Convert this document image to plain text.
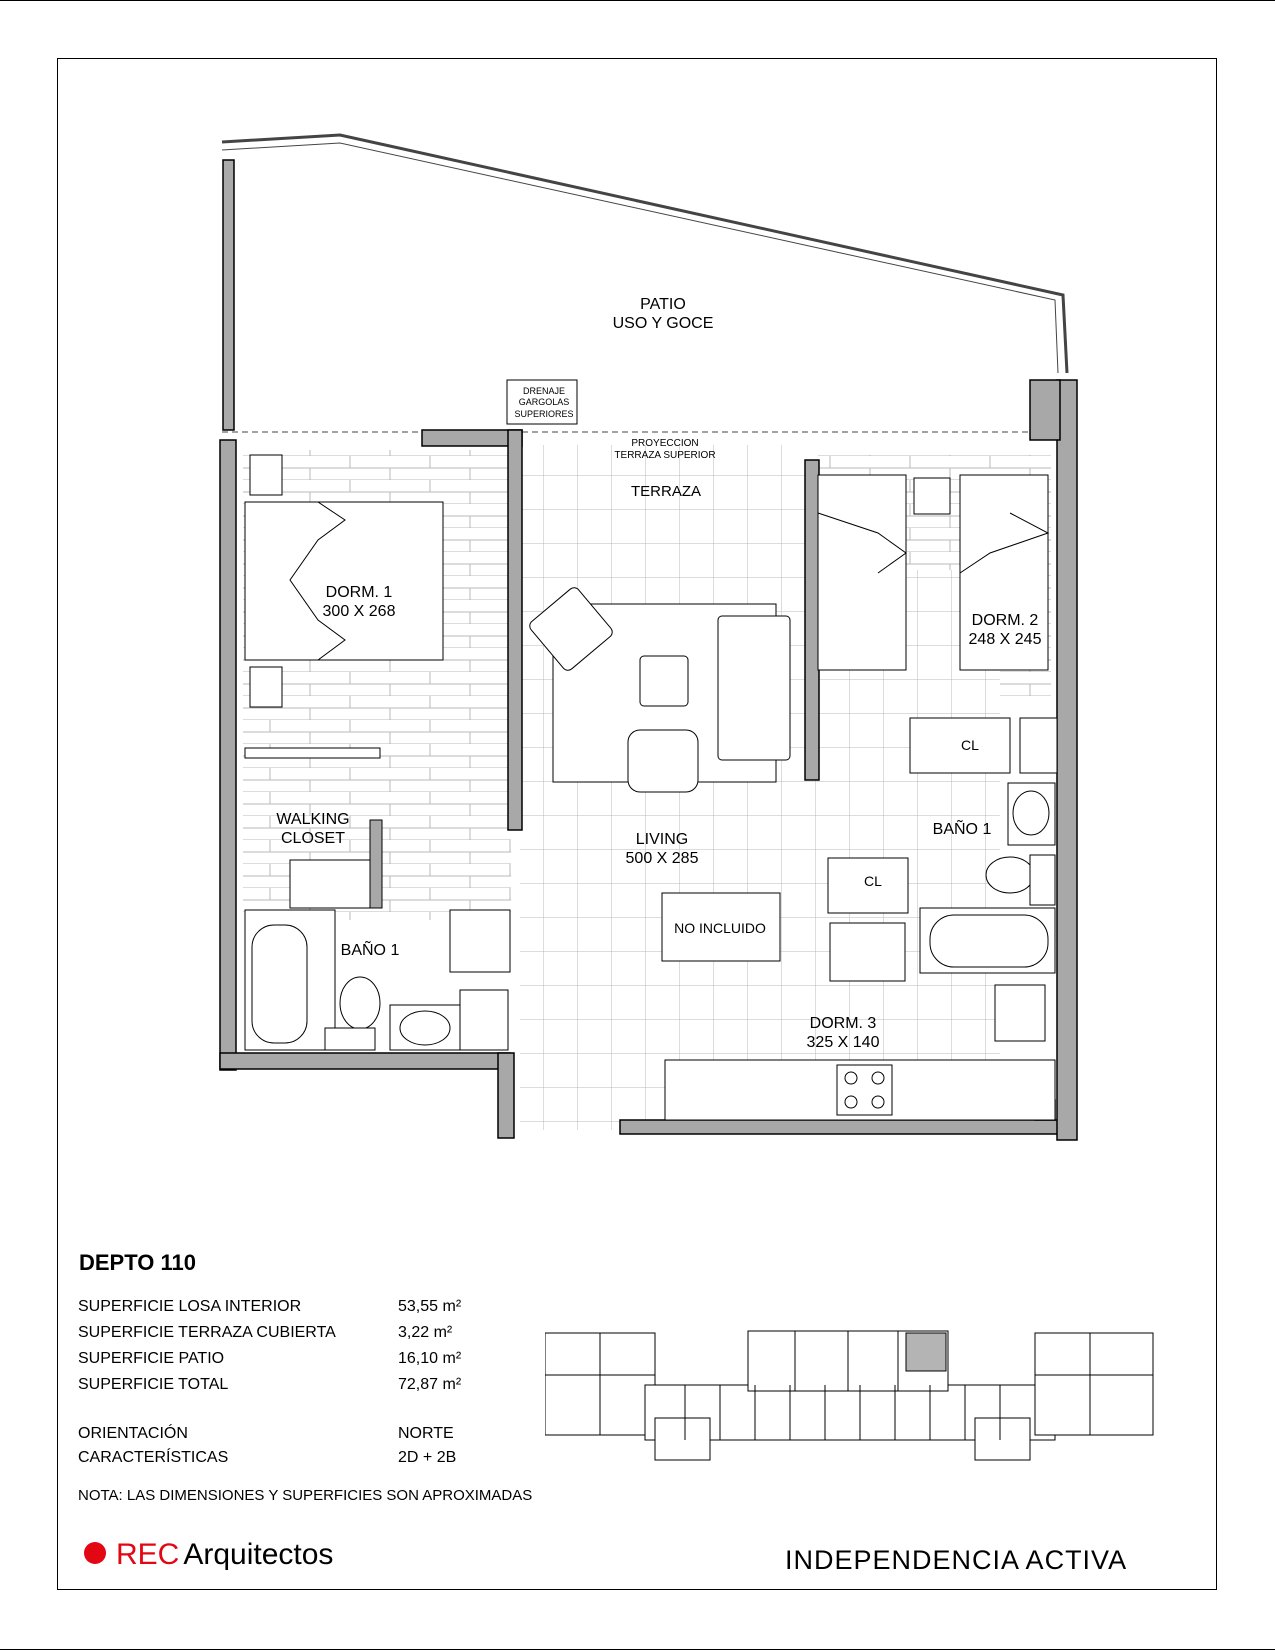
PATIO
USO Y GOCE
DRENAJE
GARGOLAS
SUPERIORES
PROYECCION
TERRAZA SUPERIOR
TERRAZA
DORM. 1
300 X 268
DORM. 2
248 X 245
CL
CL
WALKING
CLOSET	LIVING
500 X 285
NO INCLUIDO
BAÑO 1
BAÑO 1
DORM. 3
325 X 140
DEPTO 110
SUPERFICIE LOSA INTERIOR	53,55 m²
SUPERFICIE TERRAZA CUBIERTA	3,22 m²
SUPERFICIE PATIO	16,10 m²
SUPERFICIE TOTAL	72,87 m²
ORIENTACIÓN	NORTE
CARACTERÍSTICAS	2D + 2B
NOTA: LAS DIMENSIONES Y SUPERFICIES SON APROXIMADAS
REC Arquitectos	INDEPENDENCIA ACTIVA
